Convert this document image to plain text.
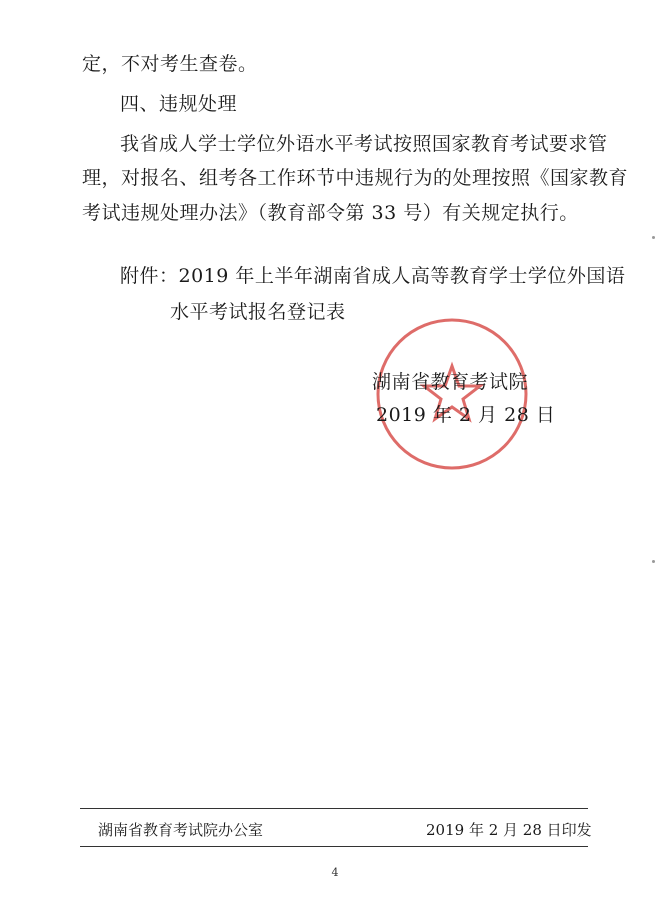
定，不对考生查卷。
四、违规处理
我省成人学士学位外语水平考试按照国家教育考试要求管
理，对报名、组考各工作环节中违规行为的处理按照《国家教育
考试违规处理办法》（教育部令第 33 号）有关规定执行。
附件：2019 年上半年湖南省成人高等教育学士学位外国语
水平考试报名登记表
湖南省教育考试院
2019 年 2 月 28 日
湖南省教育考试院办公室	2019 年 2 月 28 日印发
4
